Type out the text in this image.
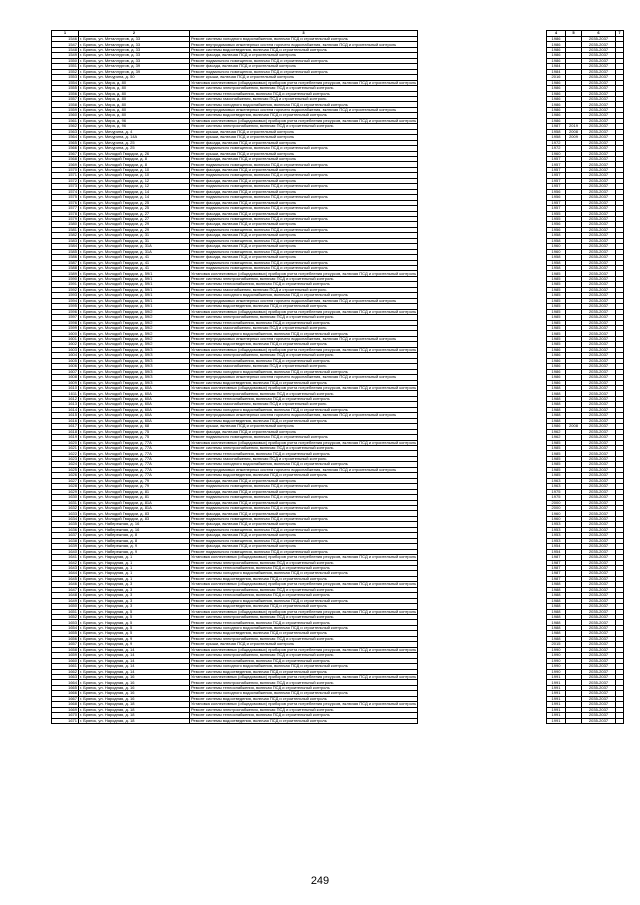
1	2	3		4	5	6	7
1546	г. Брянск, ул. Металлургов, д. 33	Ремонт системы холодного водоснабжения, включая ПСД и строительный контроль		1986		2035-2037	
1547	г. Брянск, ул. Металлургов, д. 33	Ремонт внутридомовых инженерных систем горячего водоснабжения, включая ПСД и строительный контроль		1986		2035-2037	
1548	г. Брянск, ул. Металлургов, д. 33	Ремонт системы водоотведения, включая ПСД и строительный контроль		1986		2035-2037	
1549	г. Брянск, ул. Металлургов, д. 33	Ремонт фасада, включая ПСД и строительный контроль		1986		2035-2037	
1550	г. Брянск, ул. Металлургов, д. 33	Ремонт подвального помещения, включая ПСД и строительный контроль		1986		2035-2037	
1551	г. Брянск, ул. Металлургов, д. 39	Ремонт фасада, включая ПСД и строительный контроль		1984		2035-2037	
1552	г. Брянск, ул. Металлургов, д. 39	Ремонт подвального помещения, включая ПСД и строительный контроль		1984		2035-2037	
1553	г. Брянск, ул. Мичурина, д. 50	Ремонт крыши, включая ПСД и строительный контроль		2016		2035-2037	
1554	г. Брянск, ул. Мира, д. 80	Установка коллективных (общедомовых) приборов учета потребления ресурсов, включая ПСД и строительный контроль		1986		2035-2037	
1555	г. Брянск, ул. Мира, д. 80	Ремонт системы электроснабжения, включая ПСД и строительный контроль		1986		2035-2037	
1556	г. Брянск, ул. Мира, д. 80	Ремонт системы теплоснабжения, включая ПСД и строительный контроль		1986		2035-2037	
1557	г. Брянск, ул. Мира, д. 80	Ремонт системы газоснабжения, включая ПСД и строительный контроль		1986		2035-2037	
1558	г. Брянск, ул. Мира, д. 80	Ремонт системы холодного водоснабжения, включая ПСД и строительный контроль		1986		2035-2037	
1559	г. Брянск, ул. Мира, д. 80	Ремонт внутридомовых инженерных систем горячего водоснабжения, включая ПСД и строительный контроль		1986		2035-2037	
1560	г. Брянск, ул. Мира, д. 80	Ремонт системы водоотведения, включая ПСД и строительный контроль		1986		2035-2037	
1561	г. Брянск, ул. Мира, д. 96	Установка коллективных (общедомовых) приборов учета потребления ресурсов, включая ПСД и строительный контроль		1986		2035-2037	
1562	г. Брянск, ул. Мира, д. 96	Ремонт системы электроснабжения, включая ПСД и строительный контроль		1987	2019	2035-2037	
1563	г. Брянск, ул. Мичурина, д. 4	Ремонт крыши, включая ПСД и строительный контроль		1958	2008	2035-2037	
1564	г. Брянск, ул. Мичурина, д. 14А	Ремонт крыши, включая ПСД и строительный контроль		1958	2009	2035-2037	
1565	г. Брянск, ул. Мичурина, д. 25	Ремонт фасада, включая ПСД и строительный контроль		1972		2035-2037	
1566	г. Брянск, ул. Мичурина, д. 25	Ремонт подвального помещения, включая ПСД и строительный контроль		1972		2035-2037	
1567	г. Брянск, ул. Молодой Гвардии, д. 26	Ремонт крыши, включая ПСД и строительный контроль		1960		2035-2037	
1568	г. Брянск, ул. Молодой Гвардии, д. 8	Ремонт фасада, включая ПСД и строительный контроль		1957		2035-2037	
1569	г. Брянск, ул. Молодой Гвардии, д. 8	Ремонт подвального помещения, включая ПСД и строительный контроль		1957		2035-2037	
1570	г. Брянск, ул. Молодой Гвардии, д. 10	Ремонт фасада, включая ПСД и строительный контроль		1957		2035-2037	
1571	г. Брянск, ул. Молодой Гвардии, д. 10	Ремонт подвального помещения, включая ПСД и строительный контроль		1957		2035-2037	
1572	г. Брянск, ул. Молодой Гвардии, д. 12	Ремонт фасада, включая ПСД и строительный контроль		1957		2035-2037	
1573	г. Брянск, ул. Молодой Гвардии, д. 12	Ремонт подвального помещения, включая ПСД и строительный контроль		1957		2035-2037	
1574	г. Брянск, ул. Молодой Гвардии, д. 14	Ремонт фасада, включая ПСД и строительный контроль		1956		2035-2037	
1575	г. Брянск, ул. Молодой Гвардии, д. 14	Ремонт подвального помещения, включая ПСД и строительный контроль		1956		2035-2037	
1576	г. Брянск, ул. Молодой Гвардии, д. 25	Ремонт фасада, включая ПСД и строительный контроль		1957		2035-2037	
1577	г. Брянск, ул. Молодой Гвардии, д. 25	Ремонт подвального помещения, включая ПСД и строительный контроль		1957		2035-2037	
1578	г. Брянск, ул. Молодой Гвардии, д. 27	Ремонт фасада, включая ПСД и строительный контроль		1955		2035-2037	
1579	г. Брянск, ул. Молодой Гвардии, д. 27	Ремонт подвального помещения, включая ПСД и строительный контроль		1955		2035-2037	
1580	г. Брянск, ул. Молодой Гвардии, д. 29	Ремонт фасада, включая ПСД и строительный контроль		1956		2035-2037	
1581	г. Брянск, ул. Молодой Гвардии, д. 29	Ремонт подвального помещения, включая ПСД и строительный контроль		1956		2035-2037	
1582	г. Брянск, ул. Молодой Гвардии, д. 31	Ремонт фасада, включая ПСД и строительный контроль		1958		2035-2037	
1583	г. Брянск, ул. Молодой Гвардии, д. 31	Ремонт подвального помещения, включая ПСД и строительный контроль		1958		2035-2037	
1584	г. Брянск, ул. Молодой Гвардии, д. 31А	Ремонт фасада, включая ПСД и строительный контроль		1960		2035-2037	
1585	г. Брянск, ул. Молодой Гвардии, д. 31А	Ремонт подвального помещения, включая ПСД и строительный контроль		1960		2035-2037	
1586	г. Брянск, ул. Молодой Гвардии, д. 41	Ремонт фасада, включая ПСД и строительный контроль		1958		2035-2037	
1587	г. Брянск, ул. Молодой Гвардии, д. 41	Ремонт подвального помещения, включая ПСД и строительный контроль		1958		2035-2037	
1588	г. Брянск, ул. Молодой Гвардии, д. 41	Ремонт подвального помещения, включая ПСД и строительный контроль		1958		2035-2037	
1589	г. Брянск, ул. Молодой Гвардии, д. 59/1	Установка коллективных (общедомовых) приборов учета потребления ресурсов, включая ПСД и строительный контроль		1985		2035-2037	
1590	г. Брянск, ул. Молодой Гвардии, д. 59/1	Ремонт системы электроснабжения, включая ПСД и строительный контроль		1985		2035-2037	
1591	г. Брянск, ул. Молодой Гвардии, д. 59/1	Ремонт системы теплоснабжения, включая ПСД и строительный контроль		1985		2035-2037	
1592	г. Брянск, ул. Молодой Гвардии, д. 59/1	Ремонт системы газоснабжения, включая ПСД и строительный контроль		1985		2035-2037	
1593	г. Брянск, ул. Молодой Гвардии, д. 59/1	Ремонт системы холодного водоснабжения, включая ПСД и строительный контроль		1985		2035-2037	
1594	г. Брянск, ул. Молодой Гвардии, д. 59/1	Ремонт внутридомовых инженерных систем горячего водоснабжения, включая ПСД и строительный контроль		1985		2035-2037	
1595	г. Брянск, ул. Молодой Гвардии, д. 59/1	Ремонт системы водоотведения, включая ПСД и строительный контроль		1985		2035-2037	
1596	г. Брянск, ул. Молодой Гвардии, д. 59/2	Установка коллективных (общедомовых) приборов учета потребления ресурсов, включая ПСД и строительный контроль		1985		2035-2037	
1597	г. Брянск, ул. Молодой Гвардии, д. 59/2	Ремонт системы электроснабжения, включая ПСД и строительный контроль		1985		2035-2037	
1598	г. Брянск, ул. Молодой Гвардии, д. 59/2	Ремонт системы теплоснабжения, включая ПСД и строительный контроль		1985		2035-2037	
1599	г. Брянск, ул. Молодой Гвардии, д. 59/2	Ремонт системы газоснабжения, включая ПСД и строительный контроль		1985		2035-2037	
1600	г. Брянск, ул. Молодой Гвардии, д. 59/2	Ремонт системы холодного водоснабжения, включая ПСД и строительный контроль		1985		2035-2037	
1601	г. Брянск, ул. Молодой Гвардии, д. 59/2	Ремонт внутридомовых инженерных систем горячего водоснабжения, включая ПСД и строительный контроль		1985		2035-2037	
1602	г. Брянск, ул. Молодой Гвардии, д. 59/2	Ремонт системы водоотведения, включая ПСД и строительный контроль		1985		2035-2037	
1603	г. Брянск, ул. Молодой Гвардии, д. 59/3	Установка коллективных (общедомовых) приборов учета потребления ресурсов, включая ПСД и строительный контроль		1986		2035-2037	
1604	г. Брянск, ул. Молодой Гвардии, д. 59/3	Ремонт системы электроснабжения, включая ПСД и строительный контроль		1986		2035-2037	
1605	г. Брянск, ул. Молодой Гвардии, д. 59/3	Ремонт системы теплоснабжения, включая ПСД и строительный контроль		1986		2035-2037	
1606	г. Брянск, ул. Молодой Гвардии, д. 59/3	Ремонт системы газоснабжения, включая ПСД и строительный контроль		1986		2035-2037	
1607	г. Брянск, ул. Молодой Гвардии, д. 59/3	Ремонт системы холодного водоснабжения, включая ПСД и строительный контроль		1986		2035-2037	
1608	г. Брянск, ул. Молодой Гвардии, д. 59/3	Ремонт внутридомовых инженерных систем горячего водоснабжения, включая ПСД и строительный контроль		1986		2035-2037	
1609	г. Брянск, ул. Молодой Гвардии, д. 59/3	Ремонт системы водоотведения, включая ПСД и строительный контроль		1986		2035-2037	
1610	г. Брянск, ул. Молодой Гвардии, д. 60А	Установка коллективных (общедомовых) приборов учета потребления ресурсов, включая ПСД и строительный контроль		1988		2035-2037	
1611	г. Брянск, ул. Молодой Гвардии, д. 60А	Ремонт системы электроснабжения, включая ПСД и строительный контроль		1988		2035-2037	
1612	г. Брянск, ул. Молодой Гвардии, д. 60А	Ремонт системы теплоснабжения, включая ПСД и строительный контроль		1988		2035-2037	
1613	г. Брянск, ул. Молодой Гвардии, д. 60А	Ремонт системы газоснабжения, включая ПСД и строительный контроль		1988		2035-2037	
1614	г. Брянск, ул. Молодой Гвардии, д. 60А	Ремонт системы холодного водоснабжения, включая ПСД и строительный контроль		1988		2035-2037	
1615	г. Брянск, ул. Молодой Гвардии, д. 60А	Ремонт внутридомовых инженерных систем горячего водоснабжения, включая ПСД и строительный контроль		1988		2035-2037	
1616	г. Брянск, ул. Молодой Гвардии, д. 60А	Ремонт системы водоотведения, включая ПСД и строительный контроль		1988		2035-2037	
1617	г. Брянск, ул. Молодой Гвардии, д. 68	Ремонт крыши, включая ПСД и строительный контроль		1986	2008	2035-2037	
1618	г. Брянск, ул. Молодой Гвардии, д. 75	Ремонт фасада, включая ПСД и строительный контроль		1962		2035-2037	
1619	г. Брянск, ул. Молодой Гвардии, д. 75	Ремонт подвального помещения, включая ПСД и строительный контроль		1962		2035-2037	
1620	г. Брянск, ул. Молодой Гвардии, д. 77А	Установка коллективных (общедомовых) приборов учета потребления ресурсов, включая ПСД и строительный контроль		1985		2035-2037	
1621	г. Брянск, ул. Молодой Гвардии, д. 77А	Ремонт системы электроснабжения, включая ПСД и строительный контроль		1985		2035-2037	
1622	г. Брянск, ул. Молодой Гвардии, д. 77А	Ремонт системы теплоснабжения, включая ПСД и строительный контроль		1985		2035-2037	
1623	г. Брянск, ул. Молодой Гвардии, д. 77А	Ремонт системы газоснабжения, включая ПСД и строительный контроль		1985		2035-2037	
1624	г. Брянск, ул. Молодой Гвардии, д. 77А	Ремонт системы холодного водоснабжения, включая ПСД и строительный контроль		1985		2035-2037	
1625	г. Брянск, ул. Молодой Гвардии, д. 77А	Ремонт внутридомовых инженерных систем горячего водоснабжения, включая ПСД и строительный контроль		1985		2035-2037	
1626	г. Брянск, ул. Молодой Гвардии, д. 77А	Ремонт системы водоотведения, включая ПСД и строительный контроль		1985		2035-2037	
1627	г. Брянск, ул. Молодой Гвардии, д. 79	Ремонт фасада, включая ПСД и строительный контроль		1963		2035-2037	
1628	г. Брянск, ул. Молодой Гвардии, д. 79	Ремонт подвального помещения, включая ПСД и строительный контроль		1963		2035-2037	
1629	г. Брянск, ул. Молодой Гвардии, д. 81	Ремонт фасада, включая ПСД и строительный контроль		1975		2035-2037	
1630	г. Брянск, ул. Молодой Гвардии, д. 81	Ремонт подвального помещения, включая ПСД и строительный контроль		1975		2035-2037	
1631	г. Брянск, ул. Молодой Гвардии, д. 81А	Ремонт фасада, включая ПСД и строительный контроль		2000		2035-2037	
1632	г. Брянск, ул. Молодой Гвардии, д. 81А	Ремонт подвального помещения, включая ПСД и строительный контроль		2000		2035-2037	
1633	г. Брянск, ул. Молодой Гвардии, д. 83	Ремонт фасада, включая ПСД и строительный контроль		1960		2035-2037	
1634	г. Брянск, ул. Молодой Гвардии, д. 83	Ремонт подвального помещения, включая ПСД и строительный контроль		1960		2035-2037	
1635	г. Брянск, ул. Набережная, д. 16	Ремонт фасада, включая ПСД и строительный контроль		1953		2035-2037	
1636	г. Брянск, ул. Набережная, д. 16	Ремонт подвального помещения, включая ПСД и строительный контроль		1953		2035-2037	
1637	г. Брянск, ул. Набережная, д. 8	Ремонт фасада, включая ПСД и строительный контроль		1953		2035-2037	
1638	г. Брянск, ул. Набережная, д. 8	Ремонт подвального помещения, включая ПСД и строительный контроль		1953		2035-2037	
1639	г. Брянск, ул. Набережная, д. 9	Ремонт фасада, включая ПСД и строительный контроль		1954		2035-2037	
1640	г. Брянск, ул. Набережная, д. 9	Ремонт подвального помещения, включая ПСД и строительный контроль		1954		2035-2037	
1641	г. Брянск, ул. Народная, д. 1	Установка коллективных (общедомовых) приборов учета потребления ресурсов, включая ПСД и строительный контроль		1987		2035-2037	
1642	г. Брянск, ул. Народная, д. 1	Ремонт системы электроснабжения, включая ПСД и строительный контроль		1987		2035-2037	
1643	г. Брянск, ул. Народная, д. 1	Ремонт системы теплоснабжения, включая ПСД и строительный контроль		1987		2035-2037	
1644	г. Брянск, ул. Народная, д. 1	Ремонт системы холодного водоснабжения, включая ПСД и строительный контроль		1987		2035-2037	
1645	г. Брянск, ул. Народная, д. 1	Ремонт системы водоотведения, включая ПСД и строительный контроль		1987		2035-2037	
1646	г. Брянск, ул. Народная, д. 3	Установка коллективных (общедомовых) приборов учета потребления ресурсов, включая ПСД и строительный контроль		1988		2035-2037	
1647	г. Брянск, ул. Народная, д. 3	Ремонт системы электроснабжения, включая ПСД и строительный контроль		1988		2035-2037	
1648	г. Брянск, ул. Народная, д. 3	Ремонт системы теплоснабжения, включая ПСД и строительный контроль		1988		2035-2037	
1649	г. Брянск, ул. Народная, д. 3	Ремонт системы холодного водоснабжения, включая ПСД и строительный контроль		1988		2035-2037	
1650	г. Брянск, ул. Народная, д. 3	Ремонт системы водоотведения, включая ПСД и строительный контроль		1988		2035-2037	
1651	г. Брянск, ул. Народная, д. 5	Установка коллективных (общедомовых) приборов учета потребления ресурсов, включая ПСД и строительный контроль		1988		2035-2037	
1652	г. Брянск, ул. Народная, д. 5	Ремонт системы электроснабжения, включая ПСД и строительный контроль		1988		2035-2037	
1653	г. Брянск, ул. Народная, д. 5	Ремонт системы теплоснабжения, включая ПСД и строительный контроль		1988		2035-2037	
1654	г. Брянск, ул. Народная, д. 5	Ремонт системы холодного водоснабжения, включая ПСД и строительный контроль		1988		2035-2037	
1655	г. Брянск, ул. Народная, д. 5	Ремонт системы водоотведения, включая ПСД и строительный контроль		1988		2035-2037	
1656	г. Брянск, ул. Народная, д. 9	Ремонт системы электроснабжения, включая ПСД и строительный контроль		1988		2035-2037	
1657	г. Брянск, ул. Народная, д. 9	Ремонт крыши, включая ПСД и строительный контроль		2015		2035-2037	
1658	г. Брянск, ул. Народная, д. 14	Установка коллективных (общедомовых) приборов учета потребления ресурсов, включая ПСД и строительный контроль		1990		2035-2037	
1659	г. Брянск, ул. Народная, д. 14	Ремонт системы электроснабжения, включая ПСД и строительный контроль		1990		2035-2037	
1660	г. Брянск, ул. Народная, д. 14	Ремонт системы теплоснабжения, включая ПСД и строительный контроль		1990		2035-2037	
1661	г. Брянск, ул. Народная, д. 14	Ремонт системы холодного водоснабжения, включая ПСД и строительный контроль		1990		2035-2037	
1662	г. Брянск, ул. Народная, д. 14	Ремонт системы водоотведения, включая ПСД и строительный контроль		1990		2035-2037	
1663	г. Брянск, ул. Народная, д. 16	Установка коллективных (общедомовых) приборов учета потребления ресурсов, включая ПСД и строительный контроль		1991		2035-2037	
1664	г. Брянск, ул. Народная, д. 16	Ремонт системы электроснабжения, включая ПСД и строительный контроль		1991		2035-2037	
1665	г. Брянск, ул. Народная, д. 16	Ремонт системы теплоснабжения, включая ПСД и строительный контроль		1991		2035-2037	
1666	г. Брянск, ул. Народная, д. 16	Ремонт системы холодного водоснабжения, включая ПСД и строительный контроль		1991		2035-2037	
1667	г. Брянск, ул. Народная, д. 16	Ремонт системы водоотведения, включая ПСД и строительный контроль		1991		2035-2037	
1668	г. Брянск, ул. Народная, д. 18	Установка коллективных (общедомовых) приборов учета потребления ресурсов, включая ПСД и строительный контроль		1991		2035-2037	
1669	г. Брянск, ул. Народная, д. 18	Ремонт системы электроснабжения, включая ПСД и строительный контроль		1991		2035-2037	
1670	г. Брянск, ул. Народная, д. 18	Ремонт системы теплоснабжения, включая ПСД и строительный контроль		1991		2035-2037	
1671	г. Брянск, ул. Народная, д. 18	Ремонт системы водоотведения, включая ПСД и строительный контроль		1991		2035-2037	
249
